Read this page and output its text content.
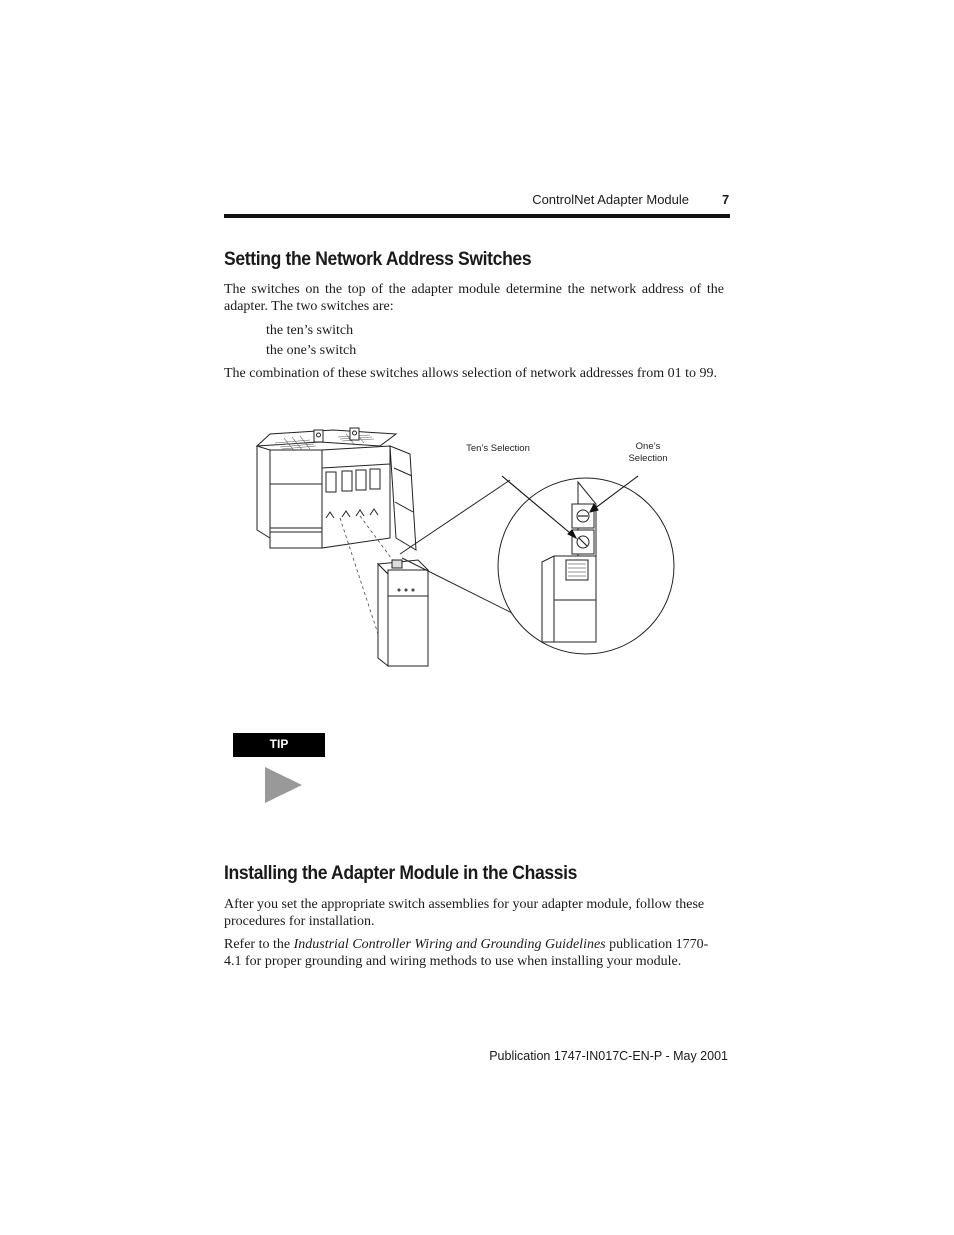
ControlNet Adapter Module	7
Setting the Network Address Switches

The switches on the top of the adapter module determine the network address of the adapter. The two switches are:

the ten’s switch

the one’s switch

The combination of these switches allows selection of network addresses from 01 to 99.

Ten’s Selection	One’s
Selection
TIP
Installing the Adapter Module in the Chassis

After you set the appropriate switch assemblies for your adapter module, follow these procedures for installation.

Refer to the Industrial Controller Wiring and Grounding Guidelines publication 1770-4.1 for proper grounding and wiring methods to use when installing your module.

Publication 1747-IN017C-EN-P - May 2001
